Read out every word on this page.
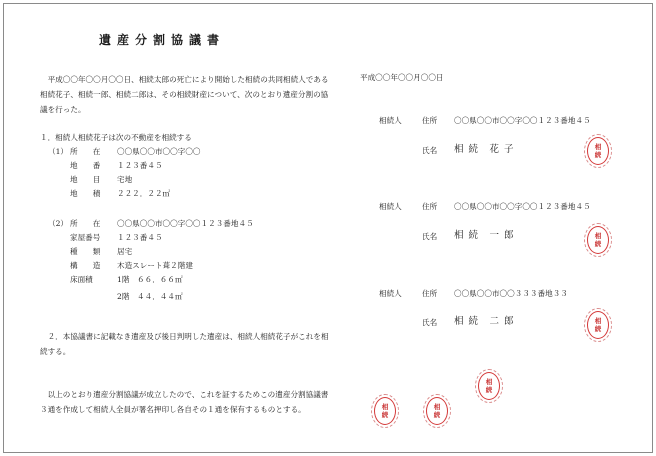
遺産分割協議書
平成〇〇年〇〇月〇〇日、相続太郎の死亡により開始した相続の共同相続人である相続花子、相続一郎、相続二郎は、その相続財産について、次のとおり遺産分割の協議を行った。
１．相続人相続花子は次の不動産を相続する
（1） 所　　在 〇〇県〇〇市〇〇字〇〇
地　　番 １２３番４５
地　　目 宅地
地　　積 ２２２．２２㎡
（2） 所　　在 〇〇県〇〇市〇〇字〇〇１２３番地４５
家屋番号 １２３番４５
種　　類 居宅
構　　造 木造スレート葺２階建
床面積	1階　６６．６６㎡
2階　４４．４４㎡
２．本協議書に記載なき遺産及び後日判明した遺産は、相続人相続花子がこれを相続する。
以上のとおり遺産分割協議が成立したので、これを証するためこの遺産分割協議書３通を作成して相続人全員が署名押印し各自その１通を保有するものとする。
平成〇〇年〇〇月〇〇日
相続人	住所 〇〇県〇〇市〇〇字〇〇１２３番地４５
氏名 相 続　花 子	相
続
相続人	住所 〇〇県〇〇市〇〇字〇〇１２３番地４５
氏名 相 続　一 郎	相
続
相続人	住所 〇〇県〇〇市〇〇３３３番地３３
氏名 相 続　二 郎	相
続
相
続
相
続
相
続
